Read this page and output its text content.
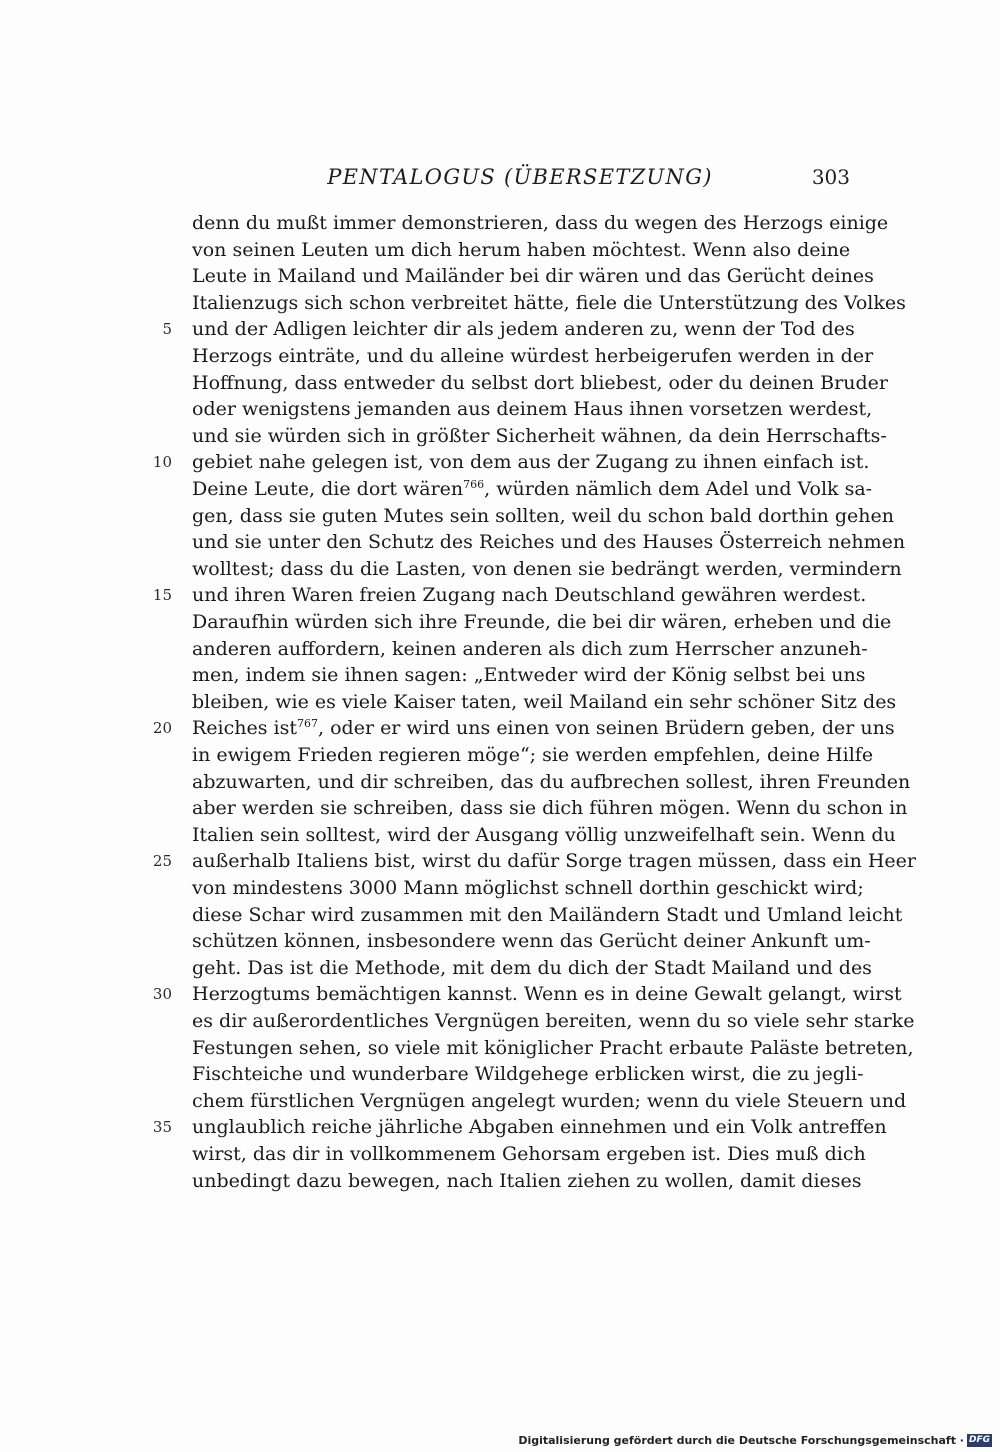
PENTALOGUS (ÜBERSETZUNG)	303
denn du mußt immer demonstrieren, dass du wegen des Herzogs einige
von seinen Leuten um dich herum haben möchtest. Wenn also deine
Leute in Mailand und Mailänder bei dir wären und das Gerücht deines
Italienzugs sich schon verbreitet hätte, fiele die Unterstützung des Volkes
5 und der Adligen leichter dir als jedem anderen zu, wenn der Tod des
Herzogs einträte, und du alleine würdest herbeigerufen werden in der
Hoffnung, dass entweder du selbst dort bliebest, oder du deinen Bruder
oder wenigstens jemanden aus deinem Haus ihnen vorsetzen werdest,
und sie würden sich in größter Sicherheit wähnen, da dein Herrschafts-
10 gebiet nahe gelegen ist, von dem aus der Zugang zu ihnen einfach ist.
Deine Leute, die dort wären$^{766}$, würden nämlich dem Adel und Volk sa-
gen, dass sie guten Mutes sein sollten, weil du schon bald dorthin gehen
und sie unter den Schutz des Reiches und des Hauses Österreich nehmen
wolltest; dass du die Lasten, von denen sie bedrängt werden, vermindern
15 und ihren Waren freien Zugang nach Deutschland gewähren werdest.
Daraufhin würden sich ihre Freunde, die bei dir wären, erheben und die
anderen auffordern, keinen anderen als dich zum Herrscher anzuneh-
men, indem sie ihnen sagen: „Entweder wird der König selbst bei uns
bleiben, wie es viele Kaiser taten, weil Mailand ein sehr schöner Sitz des
20 Reiches ist$^{767}$, oder er wird uns einen von seinen Brüdern geben, der uns
in ewigem Frieden regieren möge“; sie werden empfehlen, deine Hilfe
abzuwarten, und dir schreiben, das du aufbrechen sollest, ihren Freunden
aber werden sie schreiben, dass sie dich führen mögen. Wenn du schon in
Italien sein solltest, wird der Ausgang völlig unzweifelhaft sein. Wenn du
25 außerhalb Italiens bist, wirst du dafür Sorge tragen müssen, dass ein Heer
von mindestens 3000 Mann möglichst schnell dorthin geschickt wird;
diese Schar wird zusammen mit den Mailändern Stadt und Umland leicht
schützen können, insbesondere wenn das Gerücht deiner Ankunft um-
geht. Das ist die Methode, mit dem du dich der Stadt Mailand und des
30 Herzogtums bemächtigen kannst. Wenn es in deine Gewalt gelangt, wirst
es dir außerordentliches Vergnügen bereiten, wenn du so viele sehr starke
Festungen sehen, so viele mit königlicher Pracht erbaute Paläste betreten,
Fischteiche und wunderbare Wildgehege erblicken wirst, die zu jegli-
chem fürstlichen Vergnügen angelegt wurden; wenn du viele Steuern und
35 unglaublich reiche jährliche Abgaben einnehmen und ein Volk antreffen
wirst, das dir in vollkommenem Gehorsam ergeben ist. Dies muß dich
unbedingt dazu bewegen, nach Italien ziehen zu wollen, damit dieses
Digitalisierung gefördert durch die Deutsche Forschungsgemeinschaft · DFG
